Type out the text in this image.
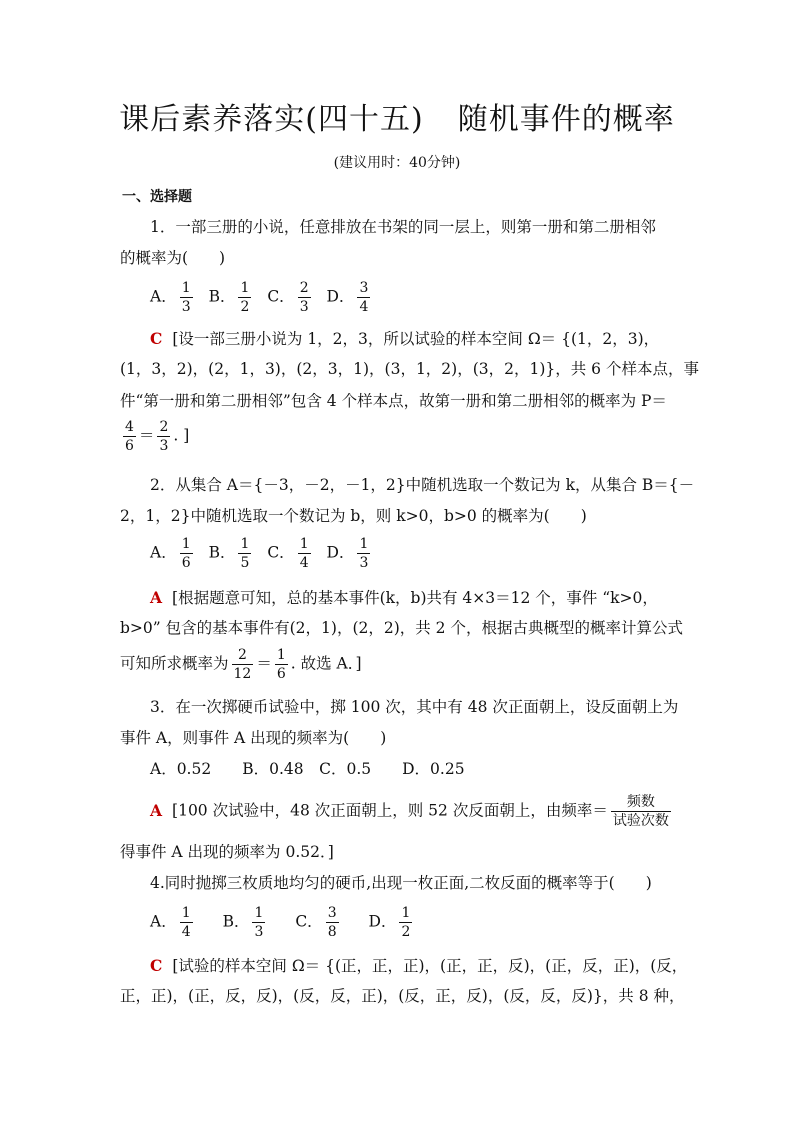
课后素养落实(四十五) 随机事件的概率
(建议用时：40分钟)
一、选择题
1．一部三册的小说，任意排放在书架的同一层上，则第一册和第二册相邻
的概率为(　　)
A． $\frac{1}{3}$ B． $\frac{1}{2}$ C． $\frac{2}{3}$ D． $\frac{3}{4}$
C [设一部三册小说为 1，2，3，所以试验的样本空间 Ω＝ {(1，2，3)，
(1，3，2)，(2，1，3)，(2，3，1)，(3，1，2)，(3，2，1)}，共 6 个样本点，事
件“第一册和第二册相邻”包含 4 个样本点，故第一册和第二册相邻的概率为 P＝
$\frac{4}{6} = \frac{2}{3}$ . ]
2．从集合 A＝{－3，－2，－1，2}中随机选取一个数记为 k，从集合 B＝{－
2，1，2}中随机选取一个数记为 b，则 k>0，b>0 的概率为(　　)
A． $\frac{1}{6}$ B． $\frac{1}{5}$ C． $\frac{1}{4}$ D． $\frac{1}{3}$
A [根据题意可知，总的基本事件(k，b)共有 4×3＝12 个，事件 “k>0，
b>0” 包含的基本事件有(2，1)，(2，2)，共 2 个，根据古典概型的概率计算公式
可知所求概率为 $\frac{2}{12} = \frac{1}{6}$ . 故选 A．]
3．在一次掷硬币试验中，掷 100 次，其中有 48 次正面朝上，设反面朝上为
事件 A，则事件 A 出现的频率为(　　)
A．0.52　　B．0.48　C．0.5　　D．0.25
A [100 次试验中，48 次正面朝上，则 52 次反面朝上，由频率＝ $\frac{\text{频数}}{\text{试验次数}}$
得事件 A 出现的频率为 0.52．]
4.同时抛掷三枚质地均匀的硬币,出现一枚正面,二枚反面的概率等于(　　)
A． $\frac{1}{4}$ B． $\frac{1}{3}$ C． $\frac{3}{8}$ D． $\frac{1}{2}$
C [试验的样本空间 Ω＝ {(正，正，正)，(正，正，反)，(正，反，正)，(反，
正，正)，(正，反，反)，(反，反，正)，(反，正，反)，(反，反，反)}，共 8 种，
